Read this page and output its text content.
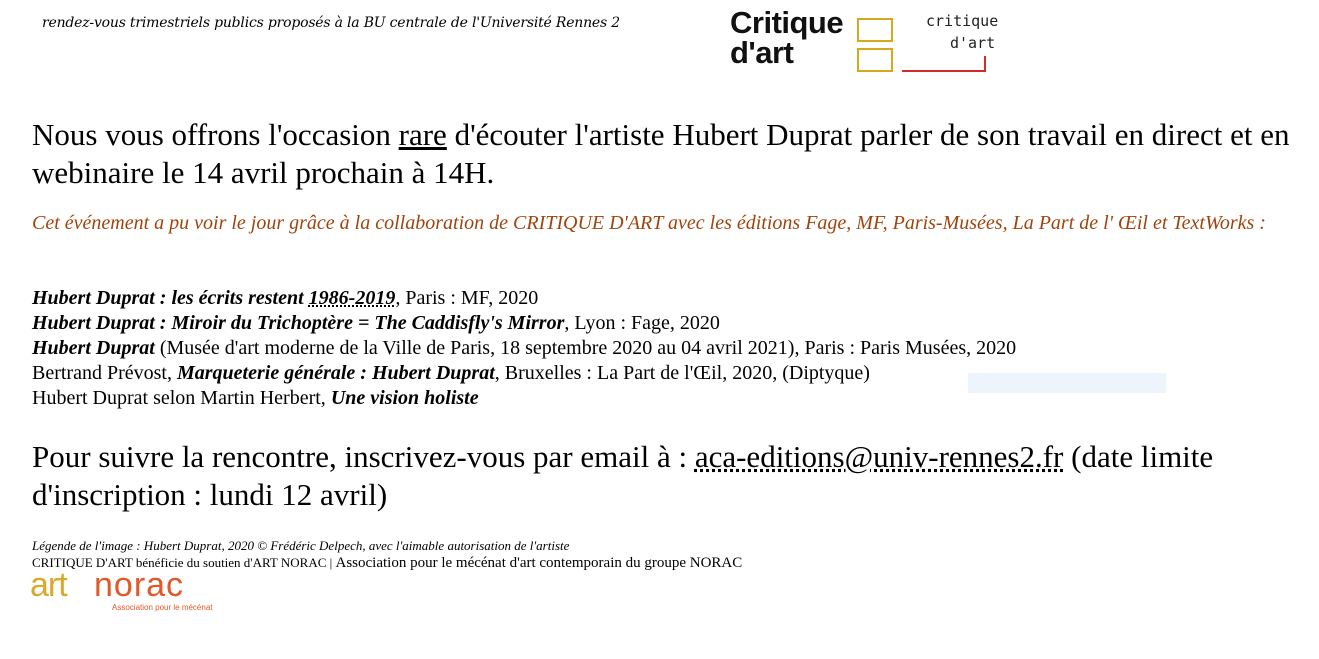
rendez-vous trimestriels publics proposés à la BU centrale de l'Université Rennes 2	Critique
d'art
critique
d'art
Nous vous offrons l'occasion rare d'écouter l'artiste Hubert Duprat parler de son travail en direct et en webinaire le 14 avril prochain à 14H.
Cet événement a pu voir le jour grâce à la collaboration de CRITIQUE D'ART avec les éditions Fage, MF, Paris-Musées, La Part de l' Œil et TextWorks :
Hubert Duprat : les écrits restent 1986-2019, Paris : MF, 2020
Hubert Duprat : Miroir du Trichoptère = The Caddisfly's Mirror, Lyon : Fage, 2020
Hubert Duprat (Musée d'art moderne de la Ville de Paris, 18 septembre 2020 au 04 avril 2021), Paris : Paris Musées, 2020
Bertrand Prévost, Marqueterie générale : Hubert Duprat, Bruxelles : La Part de l'Œil, 2020, (Diptyque)
Hubert Duprat selon Martin Herbert, Une vision holiste
Pour suivre la rencontre, inscrivez-vous par email à : aca-editions@univ-rennes2.fr (date limite d'inscription : lundi 12 avril)
Légende de l'image : Hubert Duprat, 2020 © Frédéric Delpech, avec l'aimable autorisation de l'artiste
CRITIQUE D'ART bénéficie du soutien d'ART NORAC | Association pour le mécénat d'art contemporain du groupe NORAC
art norac
Association pour le mécénat
